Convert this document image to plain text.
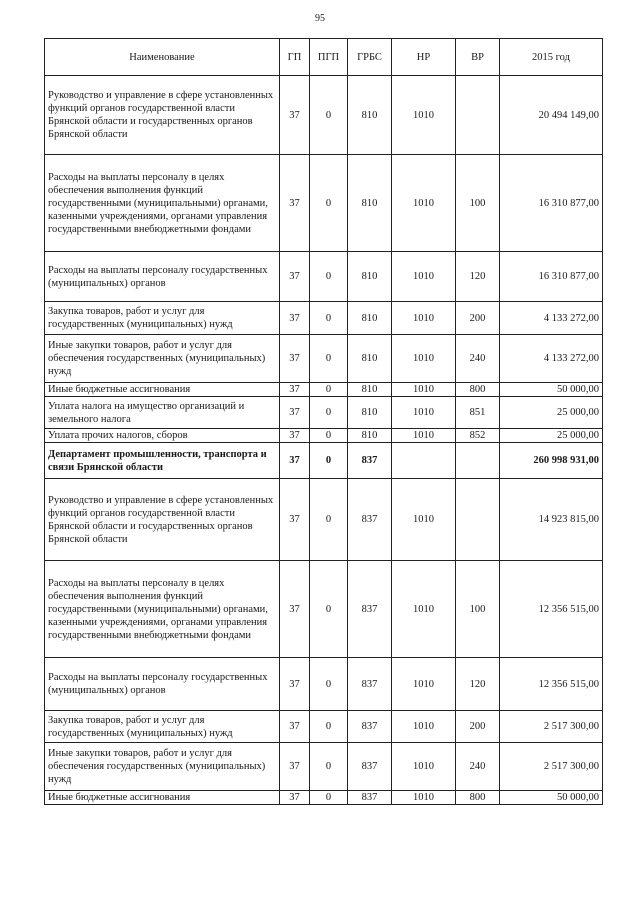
95
Наименование	ГП	ПГП	ГРБС	НР	ВР	2015 год
Руководство и управление в сфере установленных функций органов государственной власти Брянской области и государственных органов Брянской области	37	0	810	1010		20 494 149,00
Расходы на выплаты персоналу в целях обеспечения выполнения функций государственными (муниципальными) органами, казенными учреждениями, органами управления государственными внебюджетными фондами	37	0	810	1010	100	16 310 877,00
Расходы на выплаты персоналу государственных (муниципальных) органов	37	0	810	1010	120	16 310 877,00
Закупка товаров, работ и услуг для государственных (муниципальных) нужд	37	0	810	1010	200	4 133 272,00
Иные закупки товаров, работ и услуг для обеспечения государственных (муниципальных) нужд	37	0	810	1010	240	4 133 272,00
Иные бюджетные ассигнования	37	0	810	1010	800	50 000,00
Уплата налога на имущество организаций и земельного налога	37	0	810	1010	851	25 000,00
Уплата прочих налогов, сборов	37	0	810	1010	852	25 000,00
Департамент промышленности, транспорта и связи Брянской области	37	0	837			260 998 931,00
Руководство и управление в сфере установленных функций органов государственной власти Брянской области и государственных органов Брянской области	37	0	837	1010		14 923 815,00
Расходы на выплаты персоналу в целях обеспечения выполнения функций государственными (муниципальными) органами, казенными учреждениями, органами управления государственными внебюджетными фондами	37	0	837	1010	100	12 356 515,00
Расходы на выплаты персоналу государственных (муниципальных) органов	37	0	837	1010	120	12 356 515,00
Закупка товаров, работ и услуг для государственных (муниципальных) нужд	37	0	837	1010	200	2 517 300,00
Иные закупки товаров, работ и услуг для обеспечения государственных (муниципальных) нужд	37	0	837	1010	240	2 517 300,00
Иные бюджетные ассигнования	37	0	837	1010	800	50 000,00
